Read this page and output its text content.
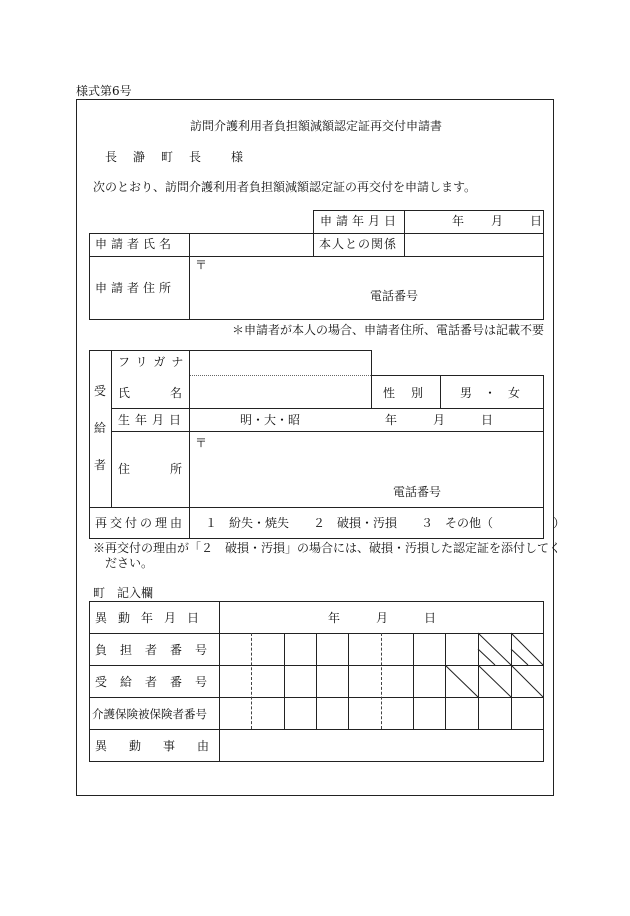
様式第6号
訪問介護利用者負担額減額認定証再交付申請書
長　瀞　町　長　　様
次のとおり、訪問介護利用者負担額減額認定証の再交付を申請します。
申請年月日	年　　月　　日
申請者氏名	本人との関係
申請者住所
〒
電話番号
＊申請者が本人の場合、申請者住所、電話番号は記載不要
受
給
者
フリガナ
氏　　　名	性　別	男　・　女
生年月日	明・大・昭	年　　　月　　　日
住　　　所
〒
電話番号
再交付の理由 １　紛失・焼失　　２　破損・汚損　　３　その他（　　　　　）
※再交付の理由が「２　破損・汚損」の場合には、破損・汚損した認定証を添付してく
ださい。
町　記入欄
異動年月日	年　　　月　　　日
負担者番号
受給者番号
介護保険被保険者番号
異動事由
